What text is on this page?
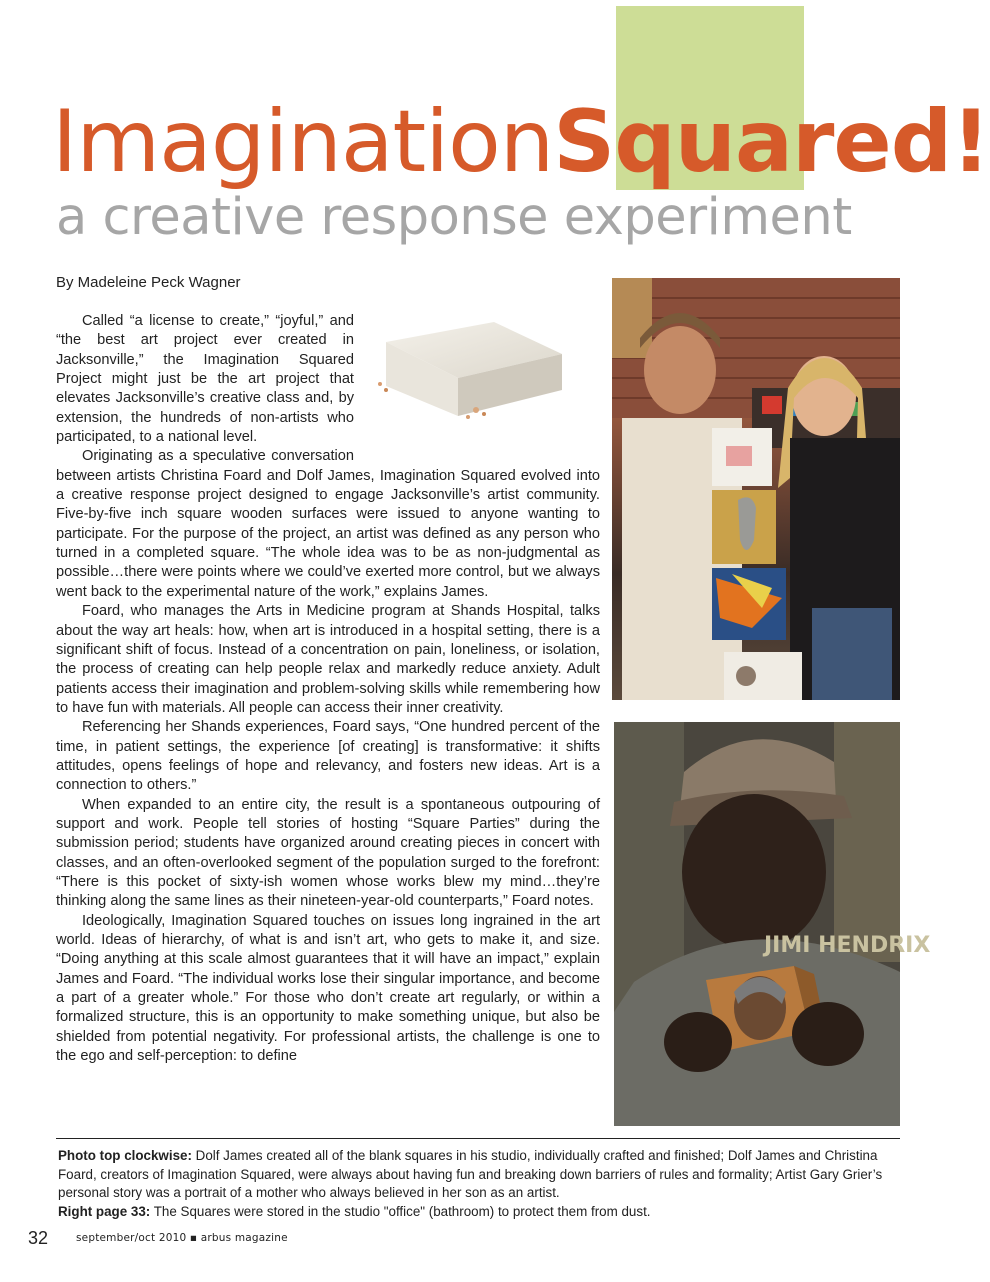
ImaginationSquared!
a creative response experiment
By Madeleine Peck Wagner

Called “a license to create,” “joyful,” and “the best art project ever created in Jacksonville,” the Imagination Squared Project might just be the art project that elevates Jacksonville’s creative class and, by extension, the hundreds of non-artists who participated, to a national level.

Originating as a speculative conversation between artists Christina Foard and Dolf James, Imagination Squared evolved into a creative response project designed to engage Jacksonville’s artist community. Five-by-five inch square wooden surfaces were issued to anyone wanting to participate. For the purpose of the project, an artist was defined as any person who turned in a completed square. “The whole idea was to be as non-judgmental as possible…there were points where we could’ve exerted more control, but we always went back to the experimental nature of the work,” explains James.

Foard, who manages the Arts in Medicine program at Shands Hospital, talks about the way art heals: how, when art is introduced in a hospital setting, there is a significant shift of focus. Instead of a concentration on pain, loneliness, or isolation, the process of creating can help people relax and markedly reduce anxiety. Adult patients access their imagination and problem-solving skills while remembering how to have fun with materials. All people can access their inner creativity.

Referencing her Shands experiences, Foard says, “One hundred percent of the time, in patient settings, the experience [of creating] is transformative: it shifts attitudes, opens feelings of hope and relevancy, and fosters new ideas. Art is a connection to others.”

When expanded to an entire city, the result is a spontaneous outpouring of support and work. People tell stories of hosting “Square Parties” during the submission period; students have organized around creating pieces in concert with classes, and an often-overlooked segment of the population surged to the forefront: “There is this pocket of sixty-ish women whose works blew my mind…they’re thinking along the same lines as their nineteen-year-old counterparts,” Foard notes.

Ideologically, Imagination Squared touches on issues long ingrained in the art world. Ideas of hierarchy, of what is and isn’t art, who gets to make it, and size. “Doing anything at this scale almost guarantees that it will have an impact,” explain James and Foard. “The individual works lose their singular importance, and become a part of a greater whole.” For those who don’t create art regularly, or within a formalized structure, this is an opportunity to make something unique, but also be shielded from potential negativity. For professional artists, the challenge is one to the ego and self-perception: to define

JIMI HENDRIX
Photo top clockwise: Dolf James created all of the blank squares in his studio, individually crafted and finished; Dolf James and Christina Foard, creators of Imagination Squared, were always about having fun and breaking down barriers of rules and formality; Artist Gary Grier’s personal story was a portrait of a mother who always believed in her son as an artist.
Right page 33: The Squares were stored in the studio "office" (bathroom) to protect them from dust.
32	september/oct 2010 ▪ arbus magazine
